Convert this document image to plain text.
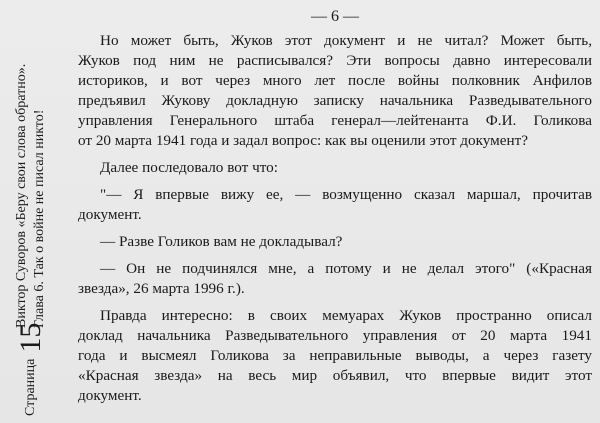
Страница
15
Виктор Суворов «Беру свои слова обратно». Глава 6. Так о войне не писал никто!
— 6 —

Но может быть, Жуков этот документ и не читал? Может быть,
Жуков под ним не расписывался? Эти вопросы давно интересовали
историков, и вот через много лет после войны полковник Анфилов
предъявил Жукову докладную записку начальника Разведывательного
управления Генерального штаба генерал—лейтенанта Ф.И. Голикова
от 20 марта 1941 года и задал вопрос: как вы оценили этот документ?

Далее последовало вот что:

"— Я впервые вижу ее, — возмущенно сказал маршал, прочитав
документ.

— Разве Голиков вам не докладывал?

— Он не подчинялся мне, а потому и не делал этого" («Красная
звезда», 26 марта 1996 г.).

Правда интересно: в своих мемуарах Жуков пространно описал
доклад начальника Разведывательного управления от 20 марта 1941
года и высмеял Голикова за неправильные выводы, а через газету
«Красная звезда» на весь мир объявил, что впервые видит этот
документ.
